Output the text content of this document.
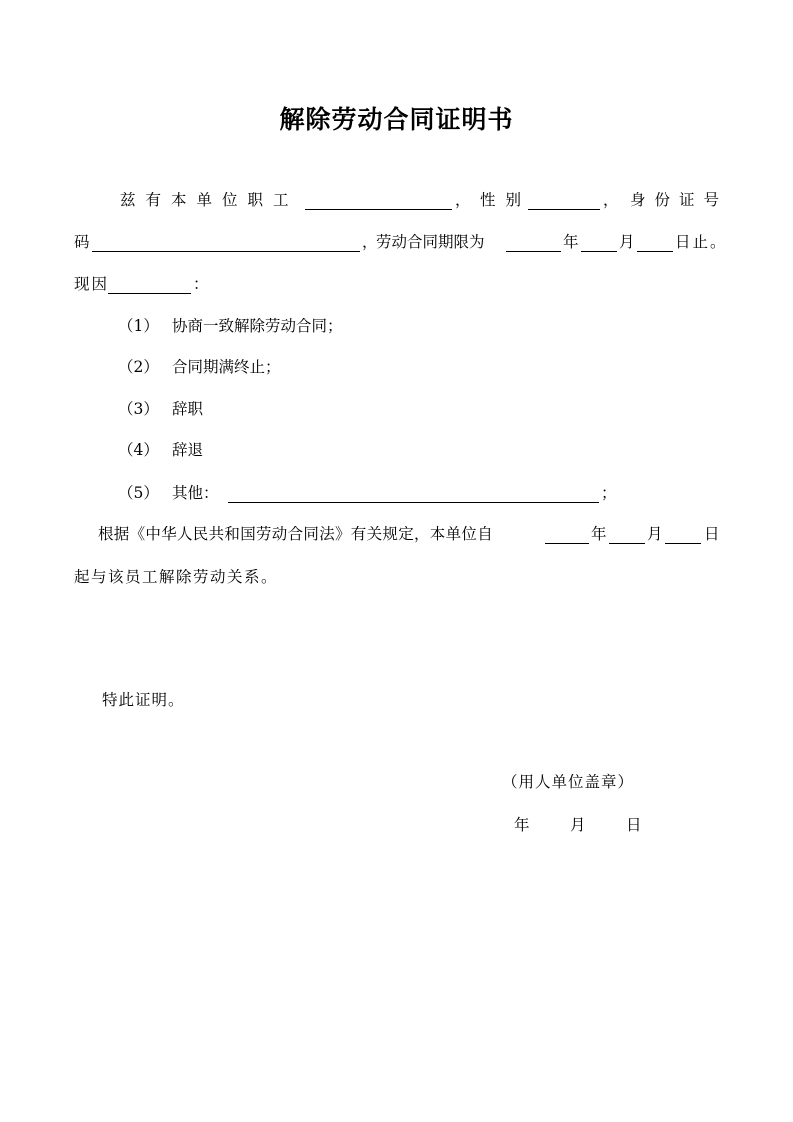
解除劳动合同证明书
兹有本单位职工	， 性别	， 身份证号
码	，
劳动合同期限为	年	月	日止。
现因	：
（1） 协商一致解除劳动合同；
（2） 合同期满终止；
（3） 辞职
（4） 辞退
（5） 其他：	；
根据《中华人民共和国劳动合同法》有关规定，本单位自	年	月	日
起与该员工解除劳动关系。
特此证明。
（用人单位盖章）
年	月	日
